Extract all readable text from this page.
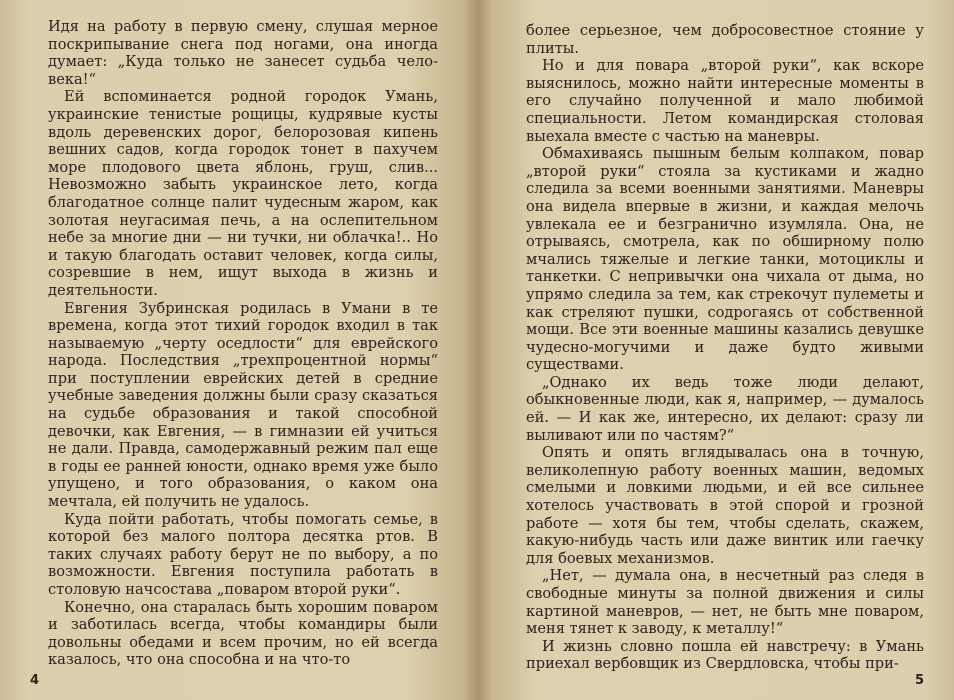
Идя на работу в первую смену, слушая мерное поскрипывание снега под ногами, она иногда думает: „Куда только не занесет судьба чело-века!“

Ей вспоминается родной городок Умань, украинские тенистые рощицы, кудрявые кусты вдоль деревенских дорог, белорозовая кипень вешних садов, когда городок тонет в пахучем море плодового цвета яблонь, груш, слив... Невозможно забыть украинское лето, когда благодатное солнце палит чудесным жаром, как золотая неугасимая печь, а на ослепительном небе за многие дни — ни тучки, ни облачка!.. Но и такую благодать оставит человек, когда силы, созревшие в нем, ищут выхода в жизнь и деятельности.

Евгения Зубринская родилась в Умани в те времена, когда этот тихий городок входил в так называемую „черту оседлости“ для еврейского народа. Последствия „трехпроцентной нормы“ при поступлении еврейских детей в средние учебные заведения должны были сразу сказаться на судьбе образования и такой способной девочки, как Евгения, — в гимназии ей учиться не дали. Правда, самодержавный режим пал еще в годы ее ранней юности, однако время уже было упущено, и того образования, о каком она мечтала, ей получить не удалось.

Куда пойти работать, чтобы помогать семье, в которой без малого полтора десятка ртов. В таких случаях работу берут не по выбору, а по возможности. Евгения поступила работать в столовую начсостава „поваром второй руки“.

Конечно, она старалась быть хорошим поваром и заботилась всегда, чтобы командиры были довольны обедами и всем прочим, но ей всегда казалось, что она способна и на что-то

4

более серьезное, чем добросовестное стояние у плиты.

Но и для повара „второй руки“, как вскоре выяснилось, можно найти интересные моменты в его случайно полученной и мало любимой специальности. Летом командирская столовая выехала вместе с частью на маневры.

Обмахиваясь пышным белым колпаком, повар „второй руки“ стояла за кустиками и жадно следила за всеми военными занятиями. Маневры она видела впервые в жизни, и каждая мелочь увлекала ее и безгранично изумляла. Она, не отрываясь, смотрела, как по обширному полю мчались тяжелые и легкие танки, мотоциклы и танкетки. С непривычки она чихала от дыма, но упрямо следила за тем, как стрекочут пулеметы и как стреляют пушки, содрогаясь от собственной мощи. Все эти военные машины казались девушке чудесно-могучими и даже будто живыми существами.

„Однако их ведь тоже люди делают, обыкновенные люди, как я, например, — думалось ей. — И как же, интересно, их делают: сразу ли выливают или по частям?“

Опять и опять вглядывалась она в точную, великолепную работу военных машин, ведомых смелыми и ловкими людьми, и ей все сильнее хотелось участвовать в этой спорой и грозной работе — хотя бы тем, чтобы сделать, скажем, какую-нибудь часть или даже винтик или гаечку для боевых механизмов.

„Нет, — думала она, в несчетный раз следя в свободные минуты за полной движения и силы картиной маневров, — нет, не быть мне поваром, меня тянет к заводу, к металлу!“

И жизнь словно пошла ей навстречу: в Умань приехал вербовщик из Свердловска, чтобы при-

5
